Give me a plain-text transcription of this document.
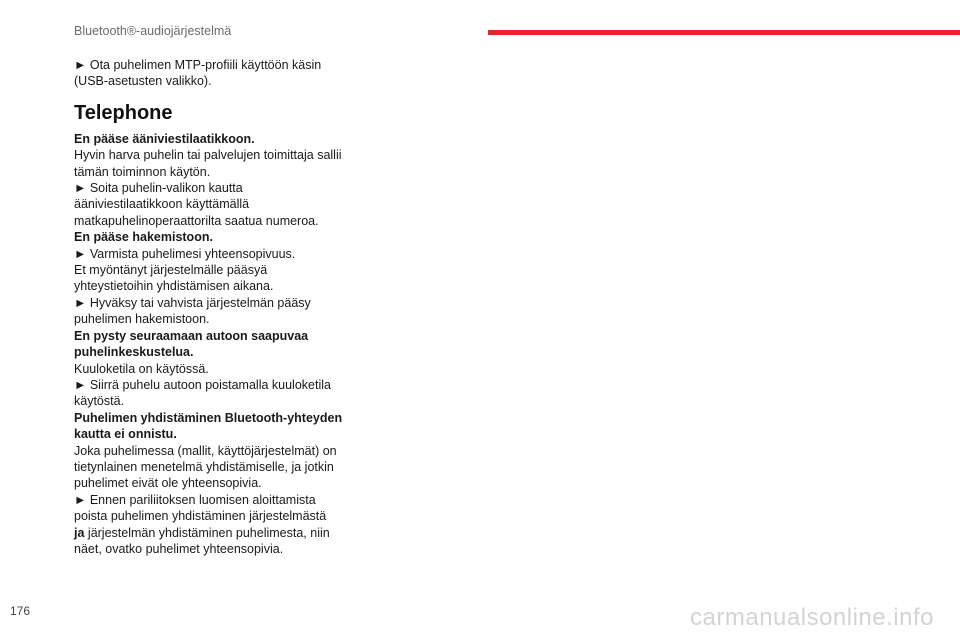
Bluetooth®-audiojärjestelmä

► Ota puhelimen MTP-profiili käyttöön käsin

(USB-asetusten valikko).

Telephone

En pääse ääniviestilaatikkoon.

Hyvin harva puhelin tai palvelujen toimittaja sallii

tämän toiminnon käytön.

► Soita puhelin-valikon kautta

ääniviestilaatikkoon käyttämällä

matkapuhelinoperaattorilta saatua numeroa.

En pääse hakemistoon.

► Varmista puhelimesi yhteensopivuus.

Et myöntänyt järjestelmälle pääsyä

yhteystietoihin yhdistämisen aikana.

► Hyväksy tai vahvista järjestelmän pääsy

puhelimen hakemistoon.

En pysty seuraamaan autoon saapuvaa

puhelinkeskustelua.

Kuuloketila on käytössä.

► Siirrä puhelu autoon poistamalla kuuloketila

käytöstä.

Puhelimen yhdistäminen Bluetooth-yhteyden

kautta ei onnistu.

Joka puhelimessa (mallit, käyttöjärjestelmät) on

tietynlainen menetelmä yhdistämiselle, ja jotkin

puhelimet eivät ole yhteensopivia.

► Ennen pariliitoksen luomisen aloittamista

poista puhelimen yhdistäminen järjestelmästä

ja järjestelmän yhdistäminen puhelimesta, niin

näet, ovatko puhelimet yhteensopivia.

176	carmanualsonline.info
